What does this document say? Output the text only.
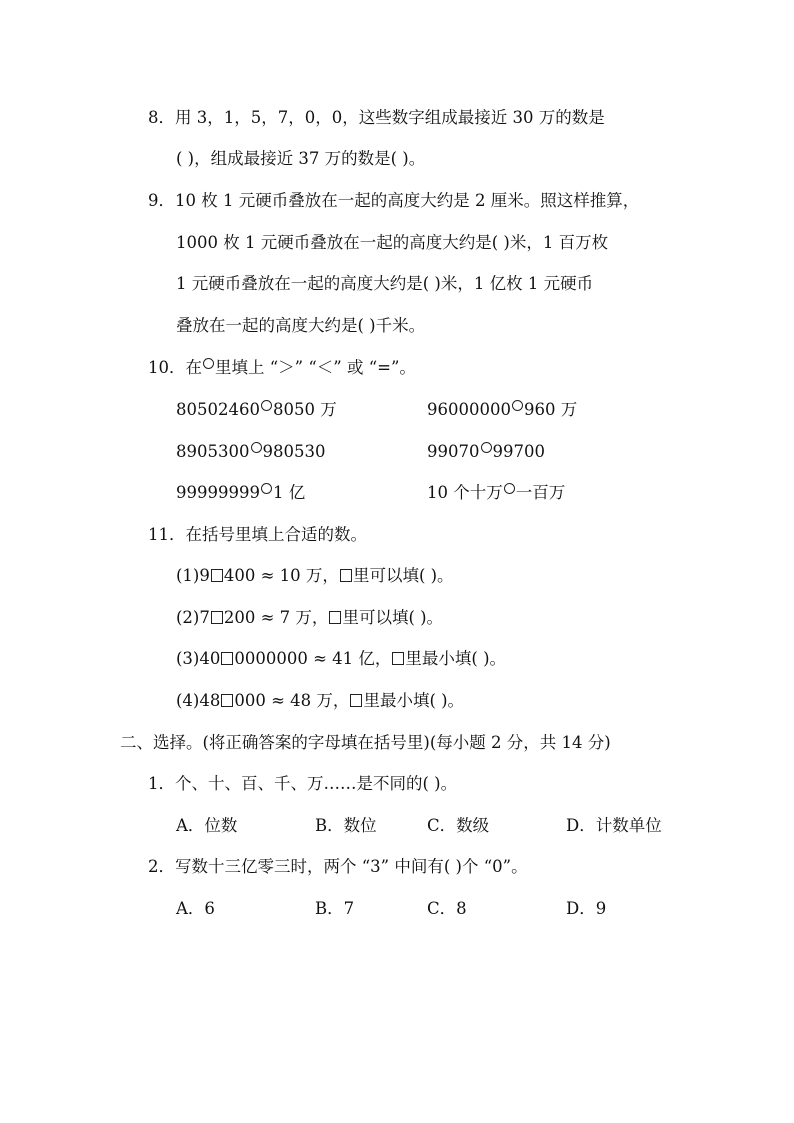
8．用 3，1，5，7，0，0，这些数字组成最接近 30 万的数是
( )，组成最接近 37 万的数是( )。
9．10 枚 1 元硬币叠放在一起的高度大约是 2 厘米。照这样推算，
1000 枚 1 元硬币叠放在一起的高度大约是( )米，1 百万枚
1 元硬币叠放在一起的高度大约是( )米，1 亿枚 1 元硬币
叠放在一起的高度大约是( )千米。
10．在 里填上 “＞” “＜” 或 “=”。
80502460 8050 万	96000000 960 万
8905300 980530	99070 99700
99999999 1 亿	10 个十万 一百万
11．在括号里填上合适的数。
(1)9 400 ≈ 10 万， 里可以填( )。
(2)7 200 ≈ 7 万， 里可以填( )。
(3)40 0000000 ≈ 41 亿， 里最小填( )。
(4)48 000 ≈ 48 万， 里最小填( )。
二、选择。(将正确答案的字母填在括号里)(每小题 2 分，共 14 分)
1．个、十、百、千、万……是不同的( )。
A．位数	B．数位	C．数级	D．计数单位
2．写数十三亿零三时，两个 “3” 中间有( )个 “0”。
A．6	B．7	C．8	D．9
